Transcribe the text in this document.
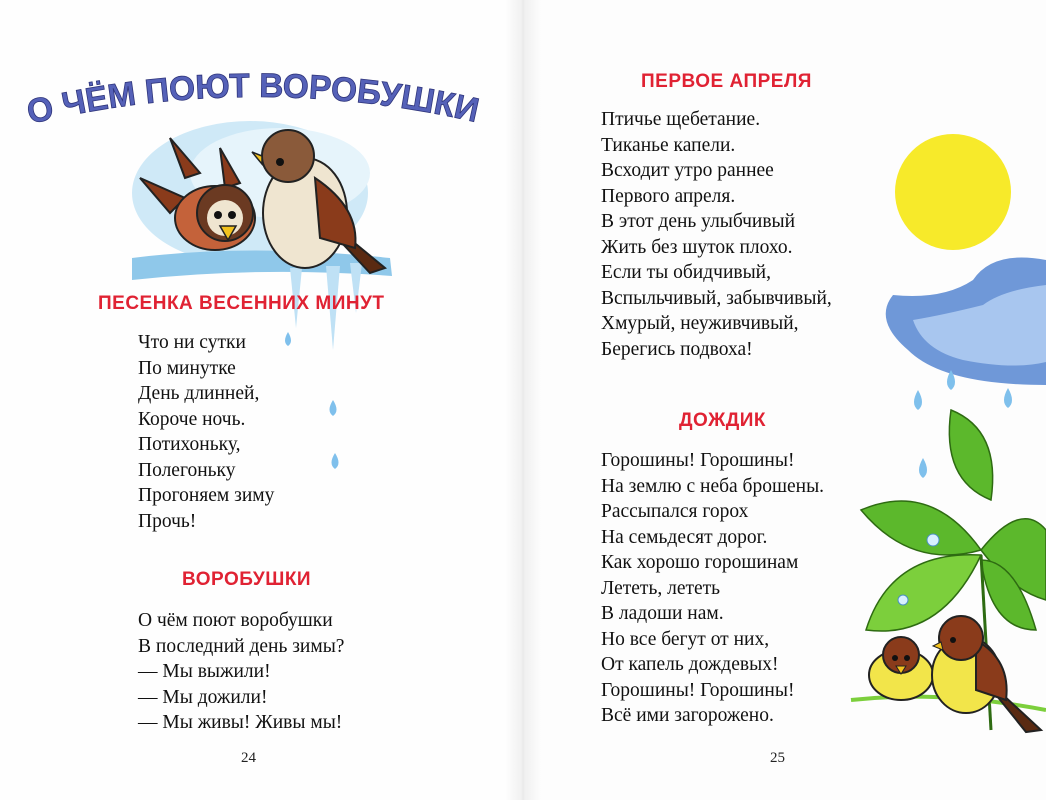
О ЧЁМ ПОЮТ ВОРОБУШКИ
ПЕСЕНКА ВЕСЕННИХ МИНУТ
Что ни сутки
По минутке
День длинней,
Короче ночь.
Потихоньку,
Полегоньку
Прогоняем зиму
Прочь!
ВОРОБУШКИ
О чём поют воробушки
В последний день зимы?
— Мы выжили!
— Мы дожили!
— Мы живы! Живы мы!
24
ПЕРВОЕ АПРЕЛЯ
Птичье щебетание.
Тиканье капели.
Всходит утро раннее
Первого апреля.
В этот день улыбчивый
Жить без шуток плохо.
Если ты обидчивый,
Вспыльчивый, забывчивый,
Хмурый, неуживчивый,
Берегись подвоха!
ДОЖДИК
Горошины! Горошины!
На землю с неба брошены.
Рассыпался горох
На семьдесят дорог.
Как хорошо горошинам
Лететь, лететь
В ладоши нам.
Но все бегут от них,
От капель дождевых!
Горошины! Горошины!
Всё ими загорожено.
25
